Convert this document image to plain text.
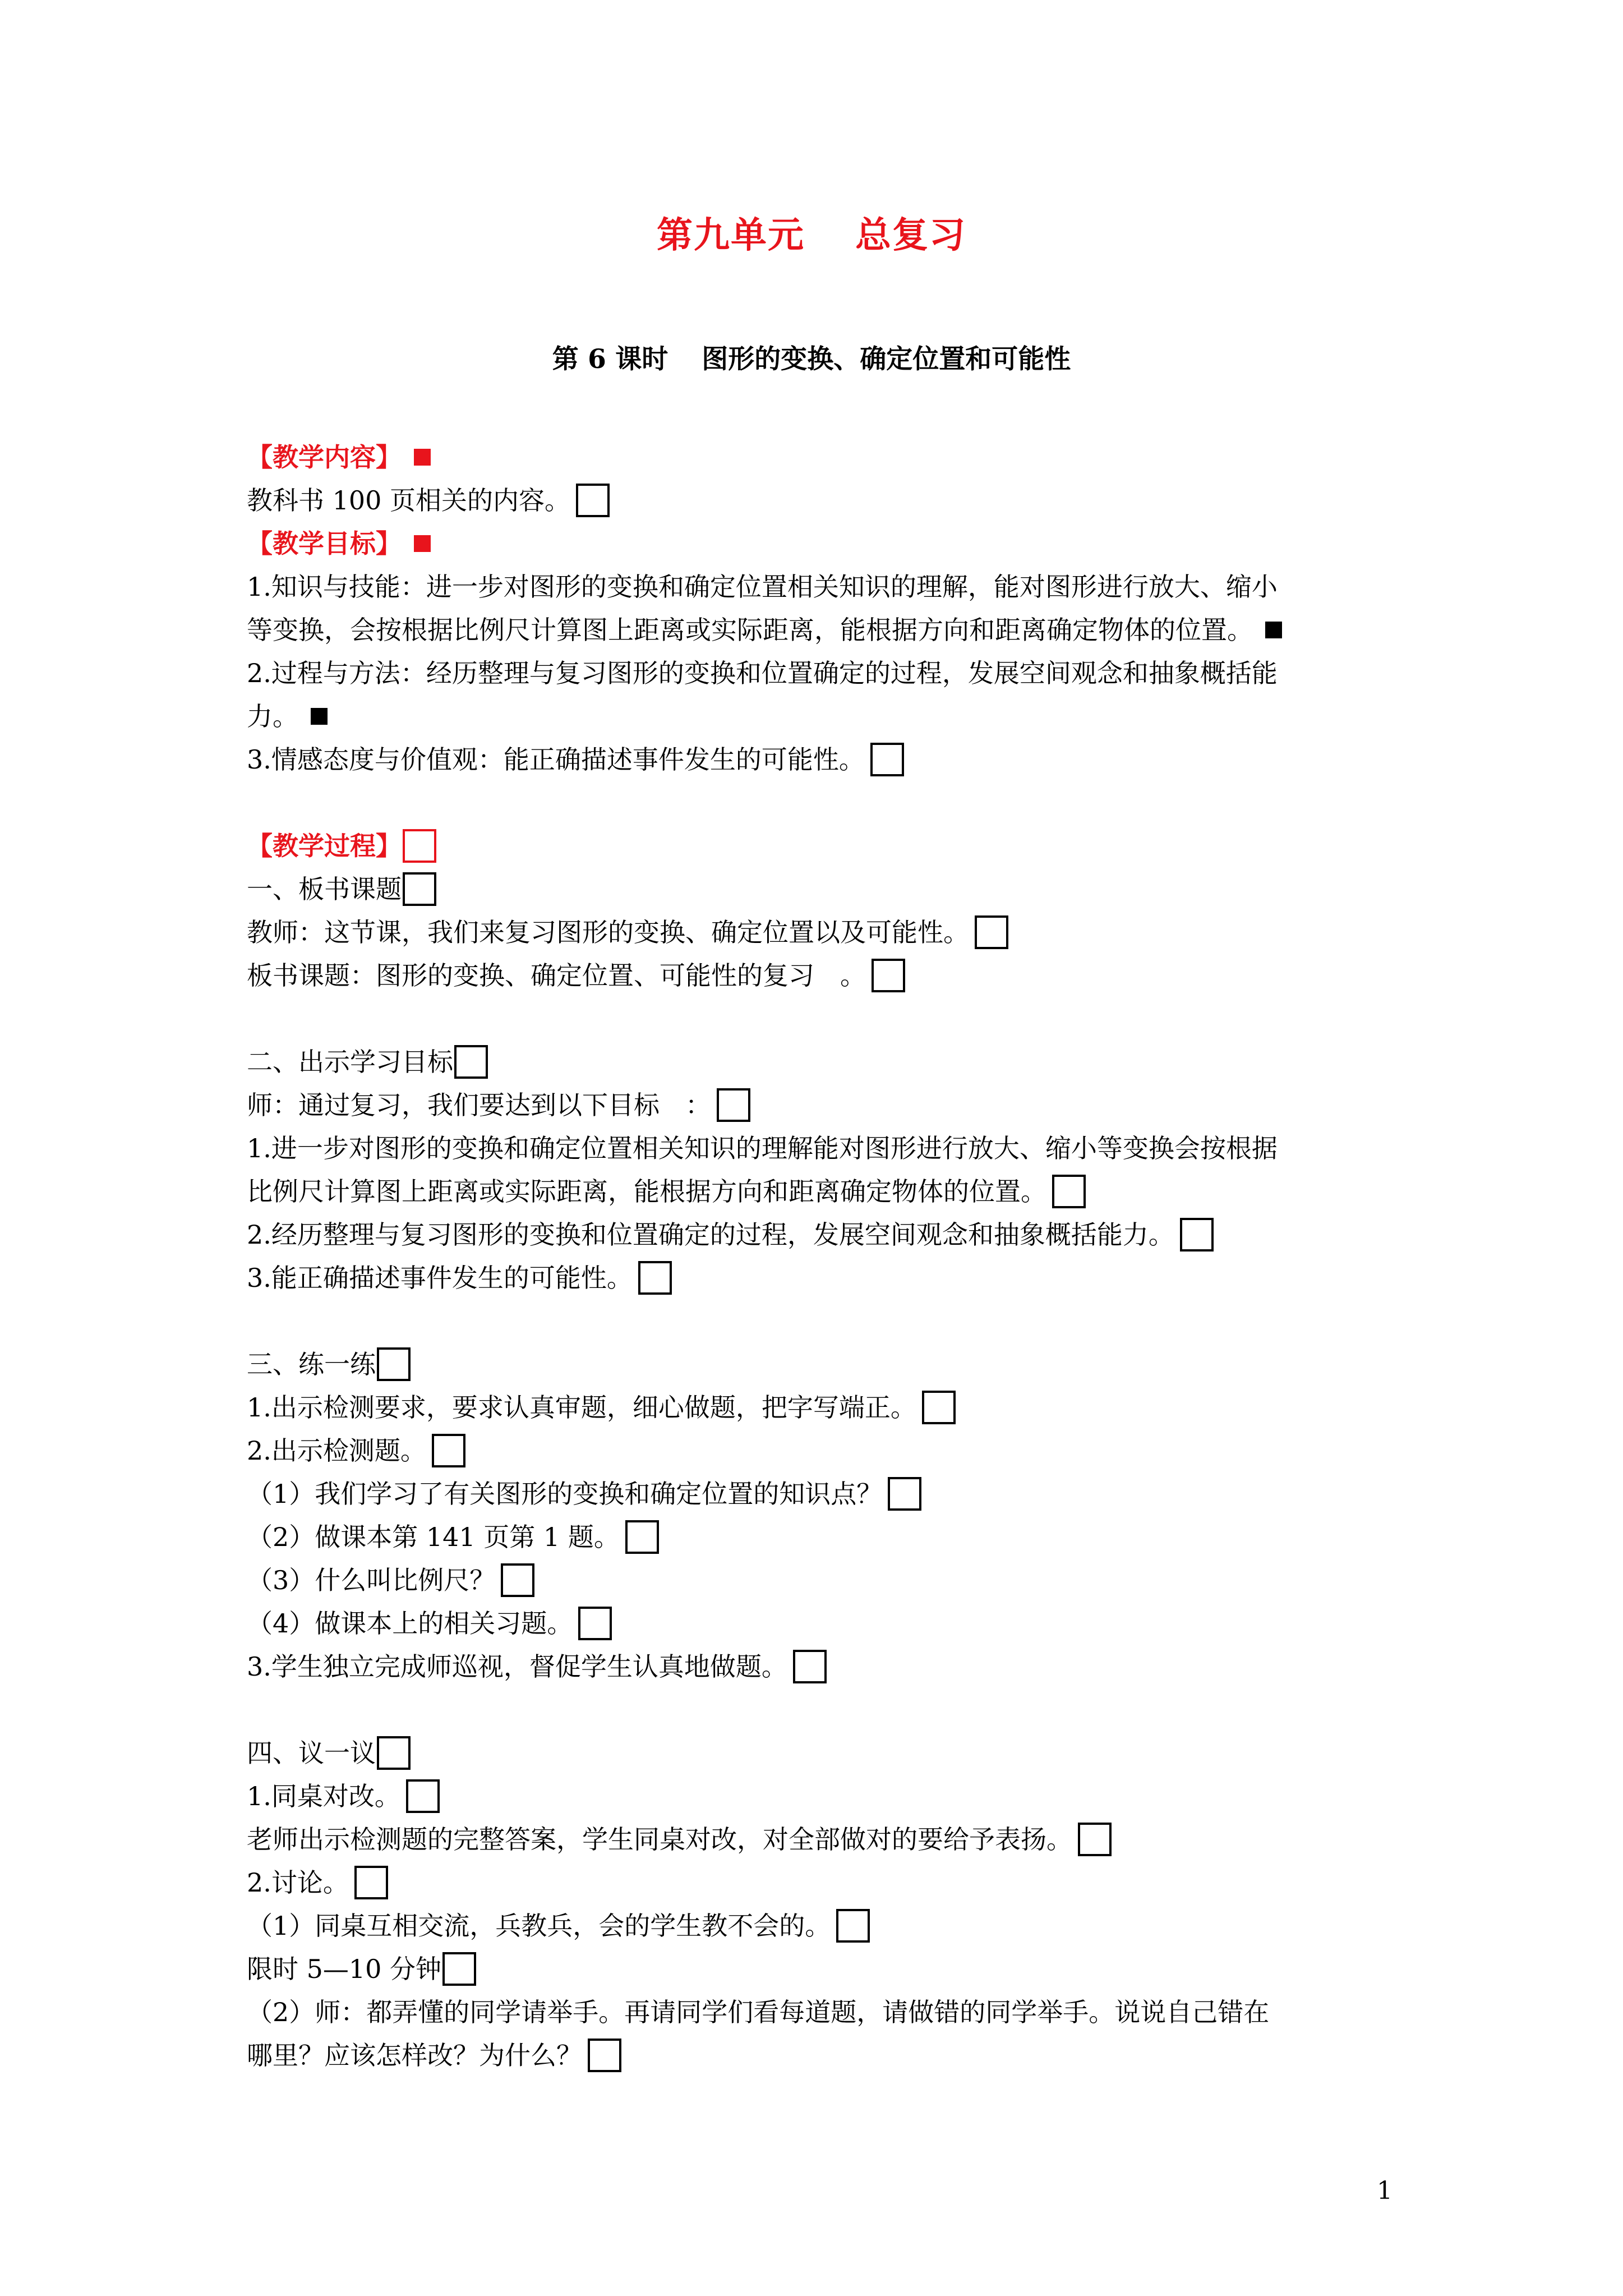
第九单元 总复习
第 6 课时 图形的变换、确定位置和可能性
【教学内容】
教科书 100 页相关的内容。
【教学目标】
1.知识与技能：进一步对图形的变换和确定位置相关知识的理解，能对图形进行放大、缩小
等变换，会按根据比例尺计算图上距离或实际距离，能根据方向和距离确定物体的位置。
2.过程与方法：经历整理与复习图形的变换和位置确定的过程，发展空间观念和抽象概括能
力。
3.情感态度与价值观：能正确描述事件发生的可能性。
【教学过程】
一、板书课题
教师：这节课，我们来复习图形的变换、确定位置以及可能性。
板书课题：图形的变换、确定位置、可能性的复习　。
二、出示学习目标
师：通过复习，我们要达到以下目标　：
1.进一步对图形的变换和确定位置相关知识的理解能对图形进行放大、缩小等变换会按根据
比例尺计算图上距离或实际距离，能根据方向和距离确定物体的位置。
2.经历整理与复习图形的变换和位置确定的过程，发展空间观念和抽象概括能力。
3.能正确描述事件发生的可能性。
三、练一练
1.出示检测要求，要求认真审题，细心做题，把字写端正。
2.出示检测题。
（1）我们学习了有关图形的变换和确定位置的知识点？
（2）做课本第 141 页第 1 题。
（3）什么叫比例尺？
（4）做课本上的相关习题。
3.学生独立完成师巡视，督促学生认真地做题。
四、议一议
1.同桌对改。
老师出示检测题的完整答案，学生同桌对改，对全部做对的要给予表扬。
2.讨论。
（1）同桌互相交流，兵教兵，会的学生教不会的。
限时 5—10 分钟
（2）师：都弄懂的同学请举手。再请同学们看每道题，请做错的同学举手。说说自己错在
哪里？应该怎样改？为什么？
1
